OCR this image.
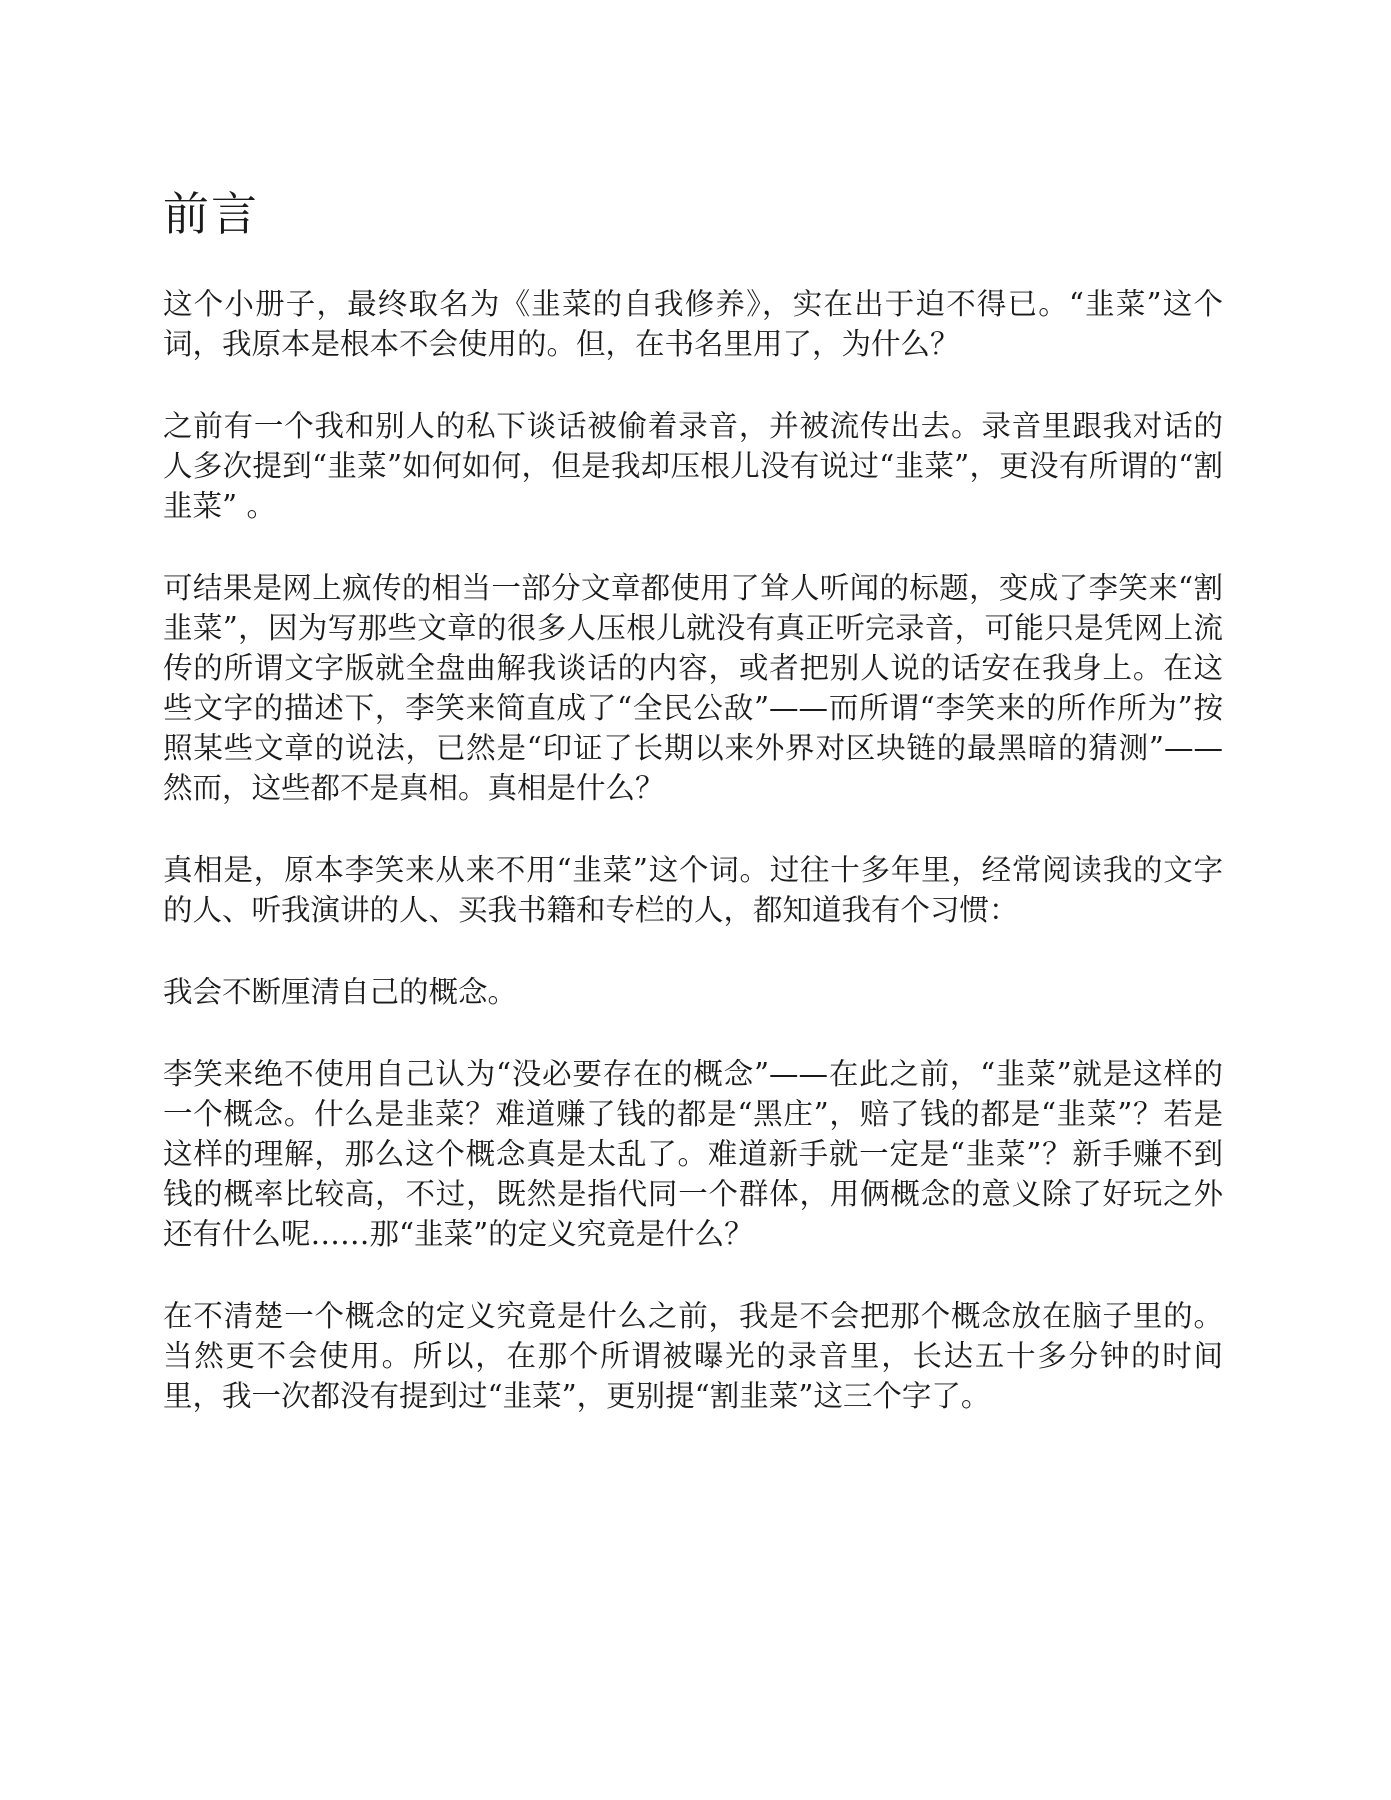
前言

这个小册子，最终取名为《韭菜的自我修养》，实在出于迫不得已。“韭菜”这个词，我原本是根本不会使用的。但，在书名里用了，为什么？

之前有一个我和别人的私下谈话被偷着录音，并被流传出去。录音里跟我对话的人多次提到“韭菜”如何如何，但是我却压根儿没有说过“韭菜”，更没有所谓的“割韭菜” 。

可结果是网上疯传的相当一部分文章都使用了耸人听闻的标题，变成了李笑来“割韭菜”，因为写那些文章的很多人压根儿就没有真正听完录音，可能只是凭网上流传的所谓文字版就全盘曲解我谈话的内容，或者把别人说的话安在我身上。在这些文字的描述下，李笑来简直成了“全民公敌”——而所谓“李笑来的所作所为”按照某些文章的说法，已然是“印证了长期以来外界对区块链的最黑暗的猜测”——然而，这些都不是真相。真相是什么？

真相是，原本李笑来从来不用“韭菜”这个词。过往十多年里，经常阅读我的文字的人、听我演讲的人、买我书籍和专栏的人，都知道我有个习惯：

我会不断厘清自己的概念。

李笑来绝不使用自己认为“没必要存在的概念”——在此之前，“韭菜”就是这样的一个概念。什么是韭菜？难道赚了钱的都是“黑庄”，赔了钱的都是“韭菜”？若是这样的理解，那么这个概念真是太乱了。难道新手就一定是“韭菜”？新手赚不到钱的概率比较高，不过，既然是指代同一个群体，用俩概念的意义除了好玩之外还有什么呢……那“韭菜”的定义究竟是什么？

在不清楚一个概念的定义究竟是什么之前，我是不会把那个概念放在脑子里的。当然更不会使用。所以，在那个所谓被曝光的录音里，长达五十多分钟的时间里，我一次都没有提到过“韭菜”，更别提“割韭菜”这三个字了。
